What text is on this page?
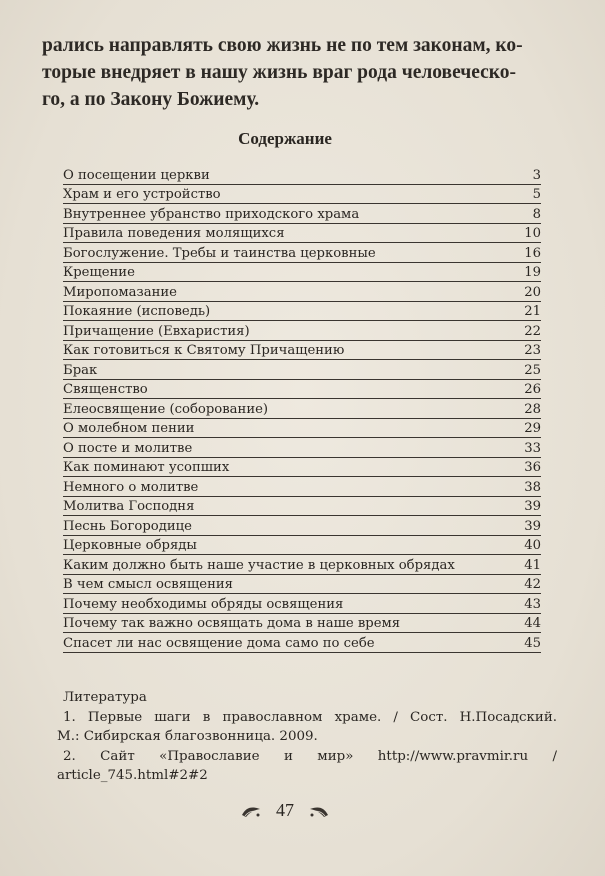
рались направлять свою жизнь не по тем законам, ко-

торые внедряет в нашу жизнь враг рода человеческо-

го, а по Закону Божиему.

Содержание
О посещении церкви	3
Храм и его устройство	5
Внутреннее убранство приходского храма	8
Правила поведения молящихся	10
Богослужение. Требы и таинства церковные	16
Крещение	19
Миропомазание	20
Покаяние (исповедь)	21
Причащение (Евхаристия)	22
Как готовиться к Святому Причащению	23
Брак	25
Священство	26
Елеосвящение (соборование)	28
О молебном пении	29
О посте и молитве	33
Как поминают усопших	36
Немного о молитве	38
Молитва Господня	39
Песнь Богородице	39
Церковные обряды	40
Каким должно быть наше участие в церковных обрядах	41
В чем смысл освящения	42
Почему необходимы обряды освящения	43
Почему так важно освящать дома в наше время	44
Спасет ли нас освящение дома само по себе	45
Литература
1. Первые шаги в православном храме. / Сост. Н.Посадский.
М.: Сибирская благозвонница. 2009.
2. Сайт «Православие и мир» http://www.pravmir.ru /
article_745.html#2#2
47
